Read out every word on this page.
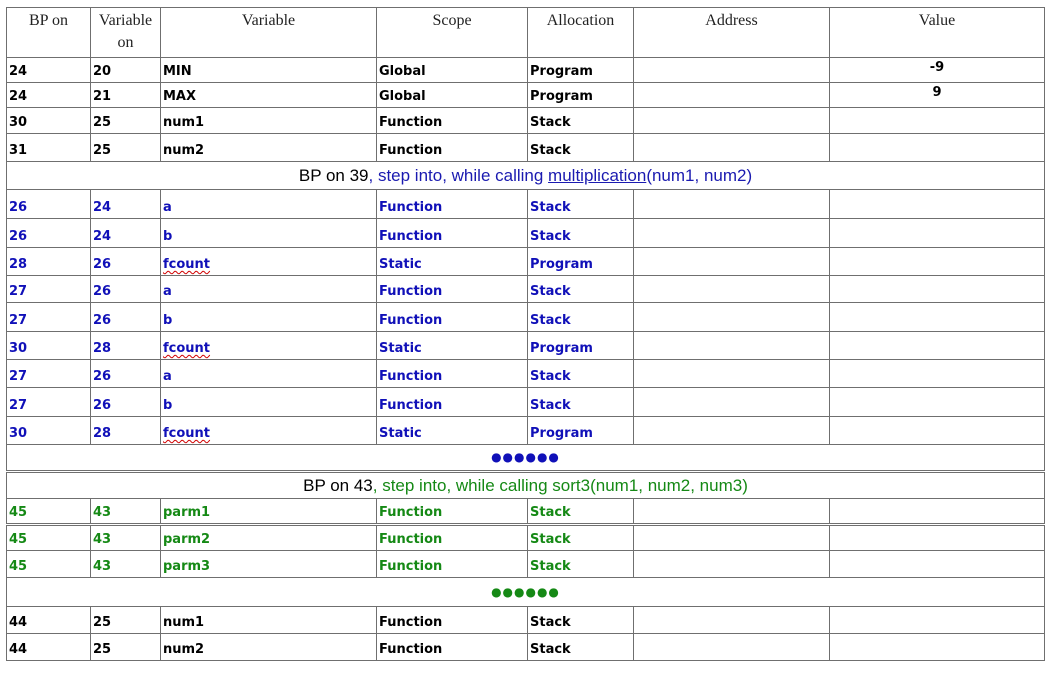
BP on	Variable on	Variable	Scope	Allocation	Address	Value
24	20	MIN	Global	Program		-9
24	21	MAX	Global	Program		9
30	25	num1	Function	Stack		
31	25	num2	Function	Stack		
BP on 39, step into, while calling multiplication(num1, num2)						
26	24	a	Function	Stack		
26	24	b	Function	Stack		
28	26	fcount	Static	Program		
27	26	a	Function	Stack		
27	26	b	Function	Stack		
30	28	fcount	Static	Program		
27	26	a	Function	Stack		
27	26	b	Function	Stack		
30	28	fcount	Static	Program		
●●●●●●						
BP on 43, step into, while calling sort3(num1, num2, num3)						
45	43	parm1	Function	Stack		
45	43	parm2	Function	Stack		
45	43	parm3	Function	Stack		
●●●●●●						
44	25	num1	Function	Stack		
44	25	num2	Function	Stack		
